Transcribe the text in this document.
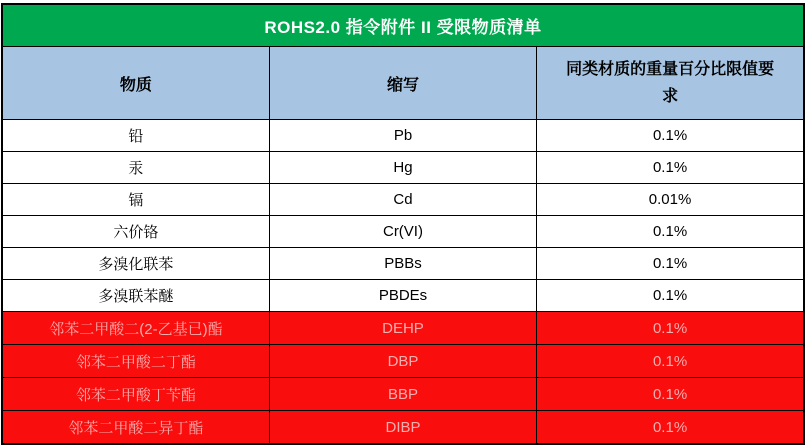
ROHS2.0 指令附件 II 受限物质清单		
物质	缩写	同类材质的重量百分比限值要求
铅	Pb	0.1%
汞	Hg	0.1%
镉	Cd	0.01%
六价铬	Cr(VI)	0.1%
多溴化联苯	PBBs	0.1%
多溴联苯醚	PBDEs	0.1%
邻苯二甲酸二(2-乙基已)酯	DEHP	0.1%
邻苯二甲酸二丁酯	DBP	0.1%
邻苯二甲酸丁苄酯	BBP	0.1%
邻苯二甲酸二异丁酯	DIBP	0.1%
